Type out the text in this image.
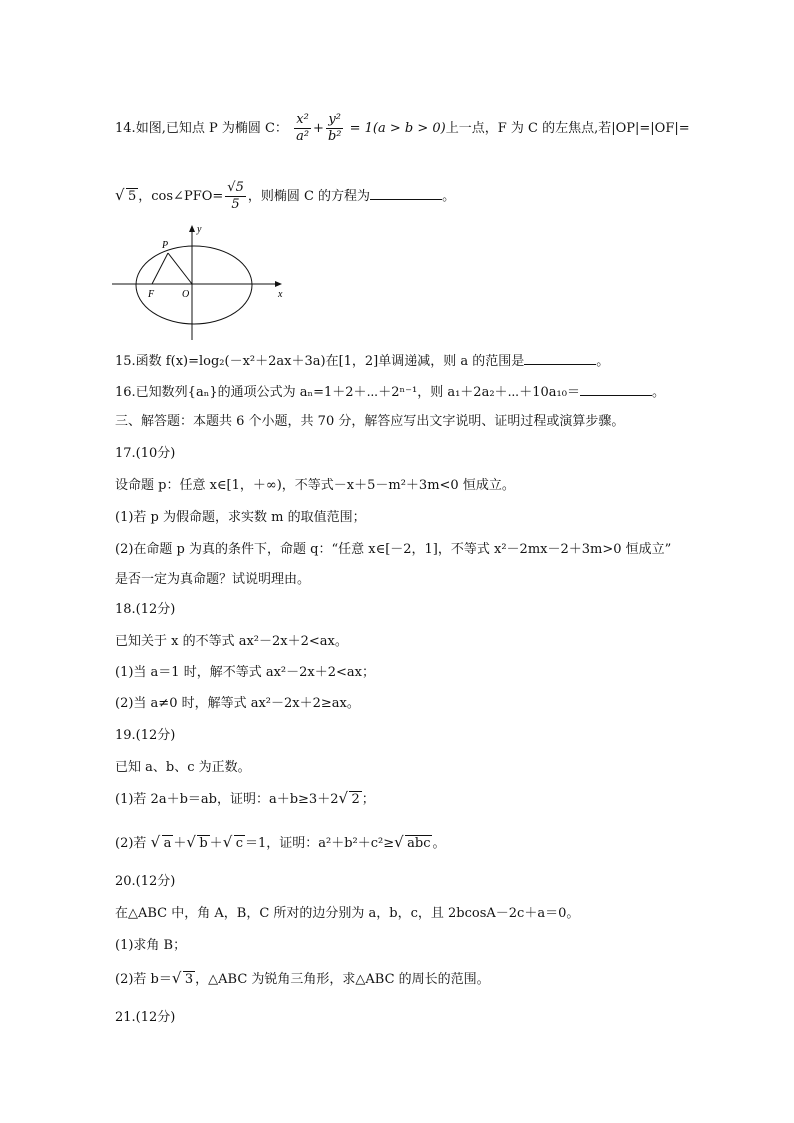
14.如图,已知点 P 为椭圆 C： $\frac{\text{x²}}{\text{a²}} + \frac{\text{y²}}{\text{b²}} = 1(a > b > 0)$上一点，F 为 C 的左焦点,若|OP|=|OF|=
√ 5 ，cos∠PFO= $\frac{√5}{5}$ ，则椭圆 C 的方程为	。
y
x
P
F	O
15.函数 f(x)=log₂(－x²＋2ax＋3a)在[1，2]单调递减，则 a 的范围是	。
16.已知数列{aₙ}的通项公式为 aₙ=1＋2＋⋯＋2ⁿ⁻¹，则 a₁＋2a₂＋⋯＋10a₁₀＝	。
三、解答题：本题共 6 个小题，共 70 分，解答应写出文字说明、证明过程或演算步骤。
17.(10分)
设命题 p：任意 x∈[1，＋∞)，不等式－x＋5－m²＋3m<0 恒成立。
(1)若 p 为假命题，求实数 m 的取值范围；
(2)在命题 p 为真的条件下，命题 q：“任意 x∈[－2，1]，不等式 x²－2mx－2＋3m>0 恒成立”
是否一定为真命题？试说明理由。
18.(12分)
已知关于 x 的不等式 ax²－2x＋2<ax。
(1)当 a＝1 时，解不等式 ax²－2x＋2<ax；
(2)当 a≠0 时，解等式 ax²－2x＋2≥ax。
19.(12分)
已知 a、b、c 为正数。
(1)若 2a＋b＝ab，证明：a＋b≥3＋2 √ 2 ；
(2)若 √ a ＋ √ b ＋ √ c ＝1，证明：a²＋b²＋c²≥ √ abc 。
20.(12分)
在△ABC 中，角 A，B，C 所对的边分别为 a，b，c，且 2bcosA－2c＋a＝0。
(1)求角 B；
(2)若 b＝ √ 3 ，△ABC 为锐角三角形，求△ABC 的周长的范围。
21.(12分)
